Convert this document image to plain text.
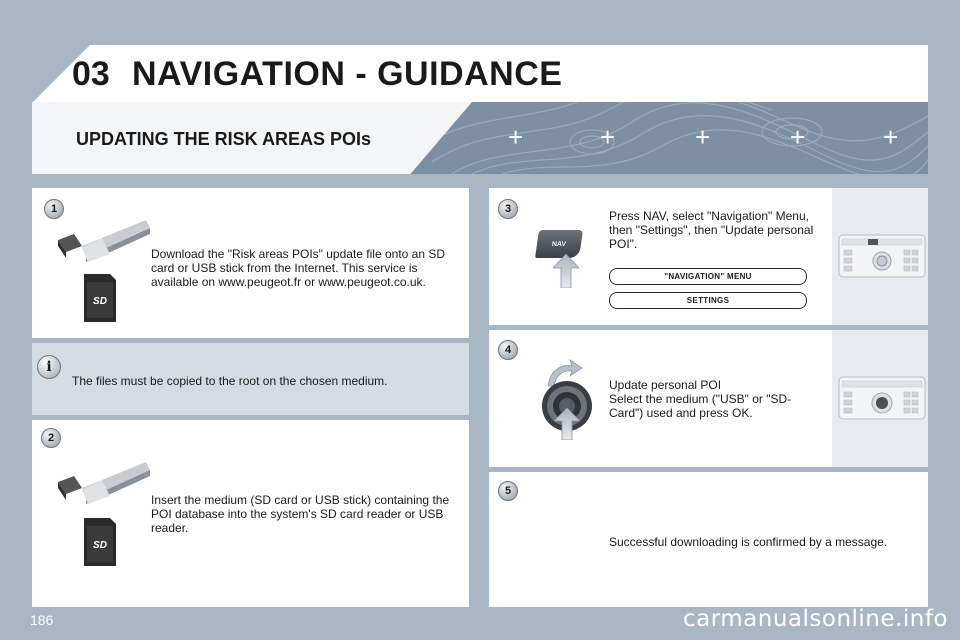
03 NAVIGATION - GUIDANCE
UPDATING THE RISK AREAS POIs	+	+	+	+	+
1
SD
Download the "Risk areas POIs" update file onto an SD card or USB stick from the Internet. This service is available on www.peugeot.fr or www.peugeot.co.uk.
i
The files must be copied to the root on the chosen medium.
2
SD
Insert the medium (SD card or USB stick) containing the POI database into the system's SD card reader or USB reader.
3
NAV
Press NAV, select "Navigation" Menu, then "Settings", then "Update personal POI".
"NAVIGATION" MENU
SETTINGS
4
Update personal POI
Select the medium ("USB" or "SD-Card") used and press OK.
5
Successful downloading is confirmed by a message.
186	carmanualsonline.info
